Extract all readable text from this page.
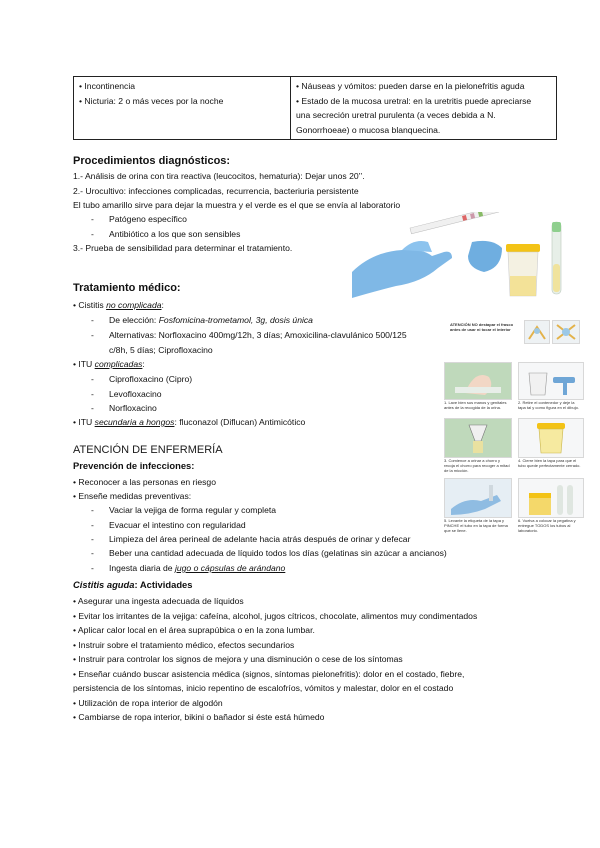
• Incontinencia
• Nicturia: 2 o más veces por la noche

• Náuseas y vómitos: pueden darse en la pielonefritis aguda
• Estado de la mucosa uretral: en la uretritis puede apreciarse
una secreción uretral purulenta (a veces debida a N.
Gonorrhoeae) o mucosa blanquecina.
Procedimientos diagnósticos:
1.- Análisis de orina con tira reactiva (leucocitos, hematuria): Dejar unos 20’’.
2.- Urocultivo: infecciones complicadas, recurrencia, bacteriuria persistente
El tubo amarillo sirve para dejar la muestra y el verde es el que se envía al laboratorio
- Patógeno específico
- Antibiótico a los que son sensibles
3.- Prueba de sensibilidad para determinar el tratamiento.
Tratamiento médico:
• Cistitis no complicada:
- De elección: Fosfomicina-trometamol, 3g, dosis única
- Alternativas: Norfloxacino 400mg/12h, 3 días; Amoxicilina-clavulánico 500/125
c/8h, 5 días; Ciprofloxacino
• ITU complicadas:
- Ciprofloxacino (Cipro)
- Levofloxacino
- Norfloxacino
• ITU secundaria a hongos: fluconazol (Diflucan) Antimicótico
ATENCIÓN DE ENFERMERÍA
Prevención de infecciones:
• Reconocer a las personas en riesgo
• Enseñe medidas preventivas:
- Vaciar la vejiga de forma regular y completa
- Evacuar el intestino con regularidad
- Limpieza del área perineal de adelante hacia atrás después de orinar y defecar
- Beber una cantidad adecuada de líquido todos los días (gelatinas sin azúcar a ancianos)
- Ingesta diaria de jugo o cápsulas de arándano
Cistitis aguda: Actividades
• Asegurar una ingesta adecuada de líquidos
• Evitar los irritantes de la vejiga: cafeína, alcohol, jugos cítricos, chocolate, alimentos muy condimentados
• Aplicar calor local en el área suprapúbica o en la zona lumbar.
• Instruir sobre el tratamiento médico, efectos secundarios
• Instruir para controlar los signos de mejora y una disminución o cese de los síntomas
• Enseñar cuándo buscar asistencia médica (signos, síntomas pielonefritis): dolor en el costado, fiebre,
persistencia de los síntomas, inicio repentino de escalofríos, vómitos y malestar, dolor en el costado
• Utilización de ropa interior de algodón
• Cambiarse de ropa interior, bikini o bañador si éste está húmedo
ATENCIÓN NO destapar el frasco antes de usar ni tocar el interior
1. Lave bien sus manos y genitales antes de la recogida de la orina.
2. Retire el contenedor y deje la tapa tal y como figura en el dibujo.
3. Comience a orinar a chorro y recoja el chorro para recoger a mitad de la micción.
4. Cierre bien la tapa para que el tubo quede perfectamente cerrado.
5. Levante la etiqueta de la tapa y PINCHE el tubo en la tapa de forma que se llene.
6. Vuelva a colocar la pegatina y entregue TODOS los tubos al laboratorio.
